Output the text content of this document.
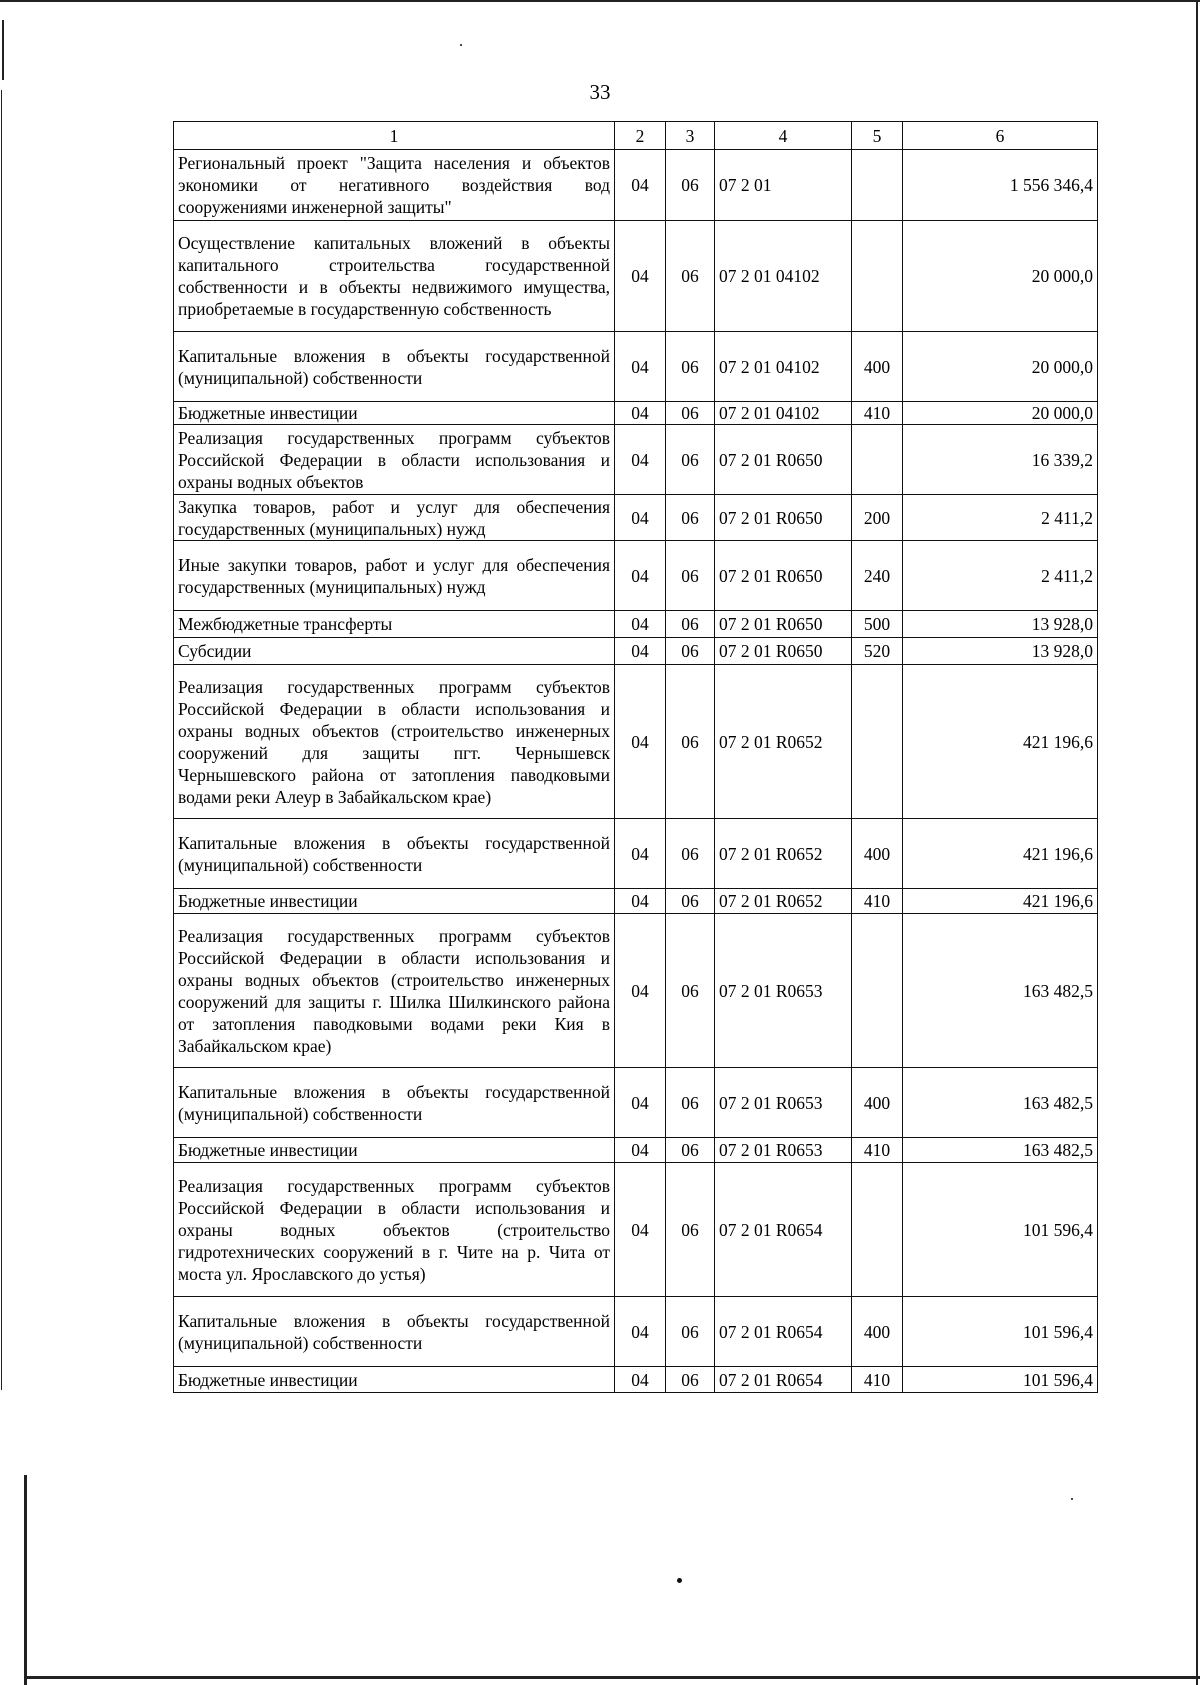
33
1	2	3	4	5	6
Региональный проект "Защита населения и объектов экономики от негативного воздействия вод сооружениями инженерной защиты"	04	06	07 2 01		1 556 346,4
Осуществление капитальных вложений в объекты капитального строительства государственной собственности и в объекты недвижимого имущества, приобретаемые в государственную собственность	04	06	07 2 01 04102		20 000,0
Капитальные вложения в объекты государственной (муниципальной) собственности	04	06	07 2 01 04102	400	20 000,0
Бюджетные инвестиции	04	06	07 2 01 04102	410	20 000,0
Реализация государственных программ субъектов Российской Федерации в области использования и охраны водных объектов	04	06	07 2 01 R0650		16 339,2
Закупка товаров, работ и услуг для обеспечения государственных (муниципальных) нужд	04	06	07 2 01 R0650	200	2 411,2
Иные закупки товаров, работ и услуг для обеспечения государственных (муниципальных) нужд	04	06	07 2 01 R0650	240	2 411,2
Межбюджетные трансферты	04	06	07 2 01 R0650	500	13 928,0
Субсидии	04	06	07 2 01 R0650	520	13 928,0
Реализация государственных программ субъектов Российской Федерации в области использования и охраны водных объектов (строительство инженерных сооружений для защиты пгт. Чернышевск Чернышевского района от затопления паводковыми водами реки Алеур в Забайкальском крае)	04	06	07 2 01 R0652		421 196,6
Капитальные вложения в объекты государственной (муниципальной) собственности	04	06	07 2 01 R0652	400	421 196,6
Бюджетные инвестиции	04	06	07 2 01 R0652	410	421 196,6
Реализация государственных программ субъектов Российской Федерации в области использования и охраны водных объектов (строительство инженерных сооружений для защиты г. Шилка Шилкинского района от затопления паводковыми водами реки Кия в Забайкальском крае)	04	06	07 2 01 R0653		163 482,5
Капитальные вложения в объекты государственной (муниципальной) собственности	04	06	07 2 01 R0653	400	163 482,5
Бюджетные инвестиции	04	06	07 2 01 R0653	410	163 482,5
Реализация государственных программ субъектов Российской Федерации в области использования и охраны водных объектов (строительство гидротехнических сооружений в г. Чите на р. Чита от моста ул. Ярославского до устья)	04	06	07 2 01 R0654		101 596,4
Капитальные вложения в объекты государственной (муниципальной) собственности	04	06	07 2 01 R0654	400	101 596,4
Бюджетные инвестиции	04	06	07 2 01 R0654	410	101 596,4
